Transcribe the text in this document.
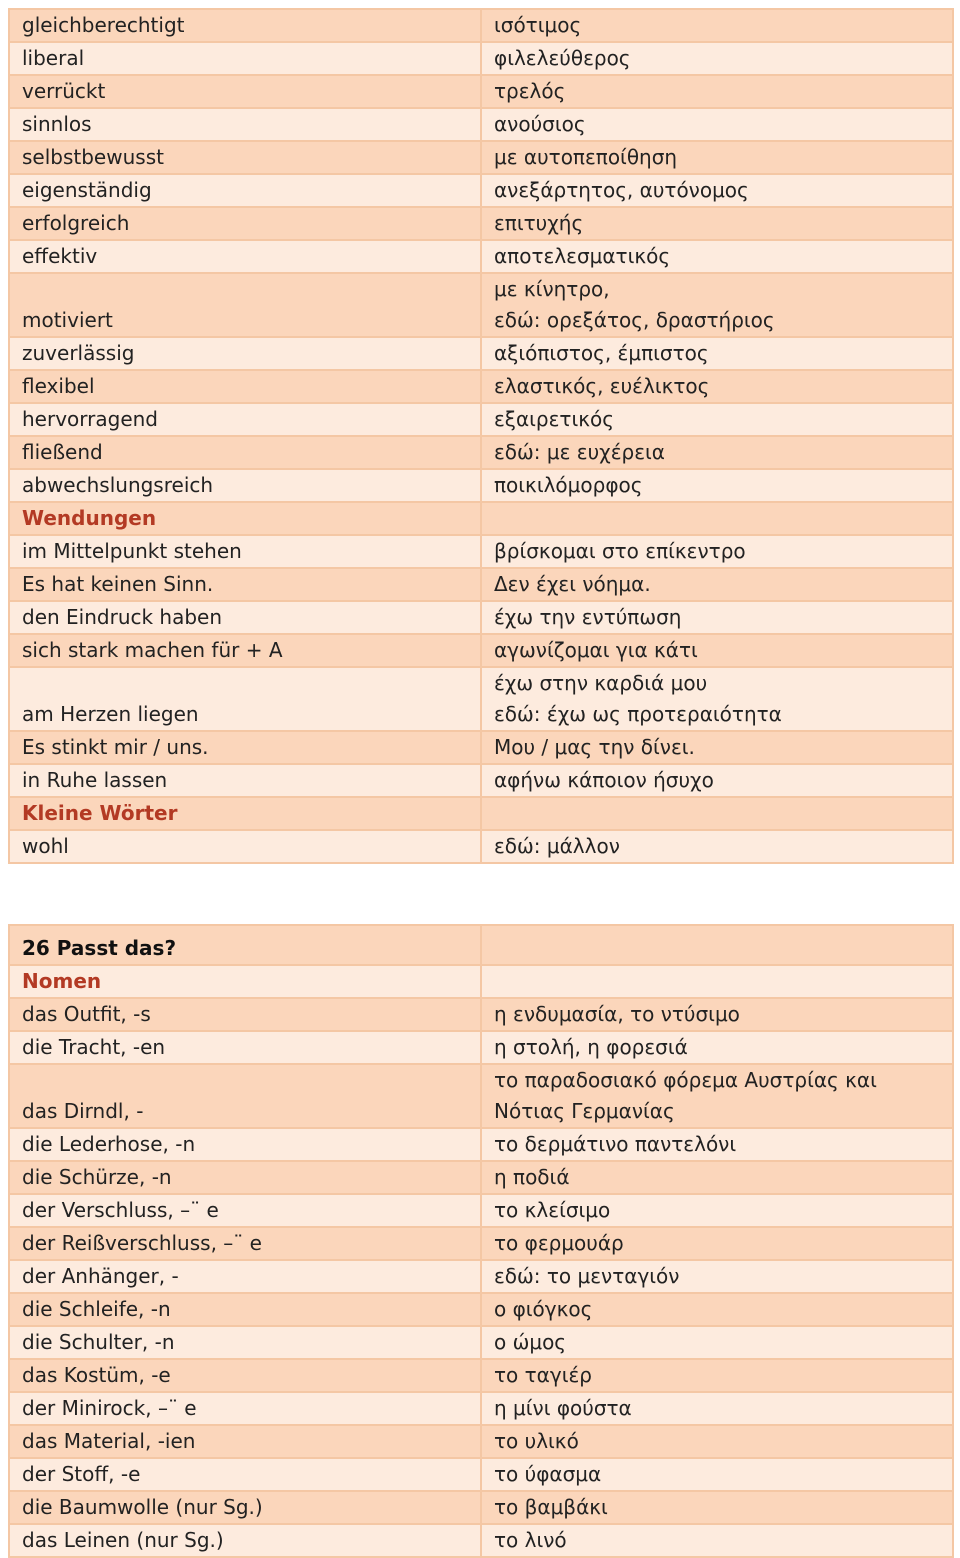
gleichberechtigt	ισότιμος

liberal	φιλελεύθερος

verrückt	τρελός

sinnlos	ανούσιος

selbstbewusst	με αυτοπεποίθηση

eigenständig	ανεξάρτητος, αυτόνομος

erfolgreich	επιτυχής

effektiv	αποτελεσματικός

motiviert	με κίνητρο,
εδώ: ορεξάτος, δραστήριος

zuverlässig	αξιόπιστος, έμπιστος

flexibel	ελαστικός, ευέλικτος

hervorragend	εξαιρετικός

fließend	εδώ: με ευχέρεια

abwechslungsreich	ποικιλόμορφος

Wendungen	
im Mittelpunkt stehen	βρίσκομαι στο επίκεντρο

Es hat keinen Sinn.	Δεν έχει νόημα.

den Eindruck haben	έχω την εντύπωση

sich stark machen für + A	αγωνίζομαι για κάτι

am Herzen liegen	έχω στην καρδιά μου
εδώ: έχω ως προτεραιότητα

Es stinkt mir / uns.	Μου / μας την δίνει.

in Ruhe lassen	αφήνω κάποιον ήσυχο

Kleine Wörter	
wohl	εδώ: μάλλον
26 Passt das?	
Nomen	
das Outfit, -s	η ενδυμασία, το ντύσιμο

die Tracht, -en	η στολή, η φορεσιά

das Dirndl, -	το παραδοσιακό φόρεμα Αυστρίας και
Νότιας Γερμανίας

die Lederhose, -n	το δερμάτινο παντελόνι

die Schürze, -n	η ποδιά

der Verschluss, –¨ e	το κλείσιμο

der Reißverschluss, –¨ e	το φερμουάρ

der Anhänger, -	εδώ: το μενταγιόν

die Schleife, -n	ο φιόγκος

die Schulter, -n	ο ώμος

das Kostüm, -e	το ταγιέρ

der Minirock, –¨ e	η μίνι φούστα

das Material, -ien	το υλικό

der Stoff, -e	το ύφασμα

die Baumwolle (nur Sg.)	το βαμβάκι

das Leinen (nur Sg.)	το λινό
